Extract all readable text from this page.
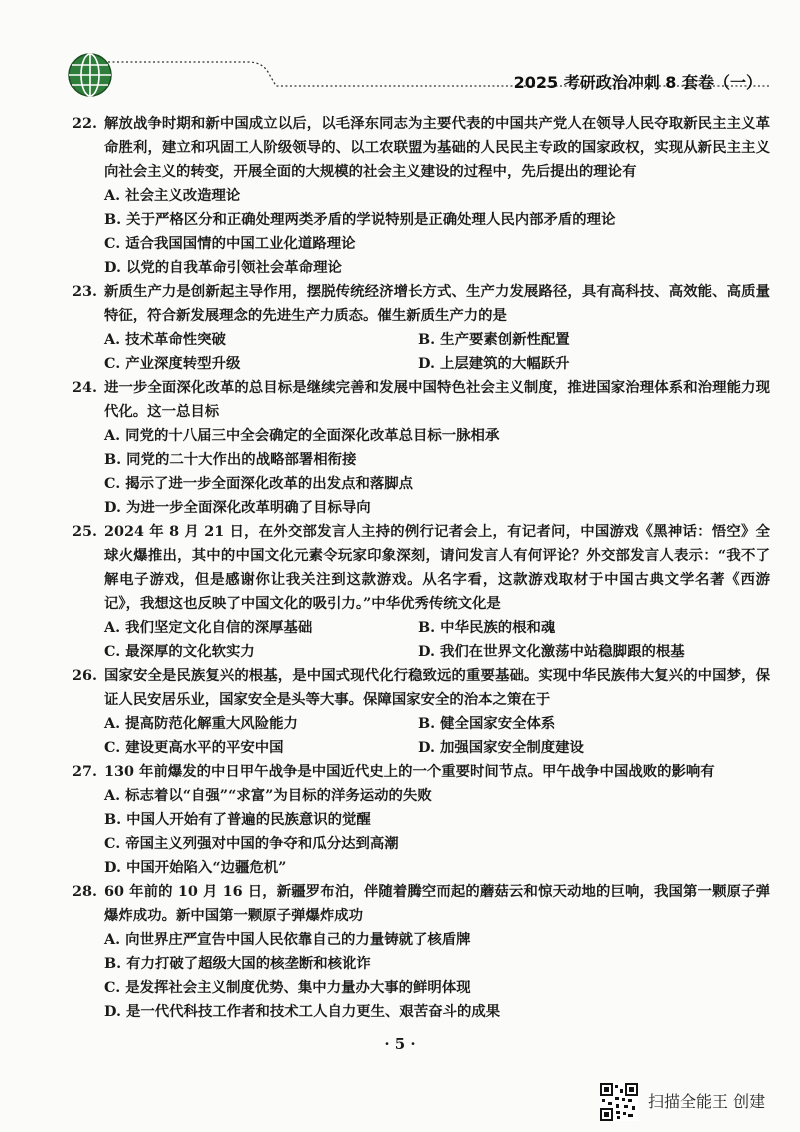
2025 考研政治冲刺 8 套卷（一）
22. 解放战争时期和新中国成立以后，以毛泽东同志为主要代表的中国共产党人在领导人民夺取新民主主义革命胜利，建立和巩固工人阶级领导的、以工农联盟为基础的人民民主专政的国家政权，实现从新民主主义向社会主义的转变，开展全面的大规模的社会主义建设的过程中，先后提出的理论有
A. 社会主义改造理论
B. 关于严格区分和正确处理两类矛盾的学说特别是正确处理人民内部矛盾的理论
C. 适合我国国情的中国工业化道路理论
D. 以党的自我革命引领社会革命理论
23. 新质生产力是创新起主导作用，摆脱传统经济增长方式、生产力发展路径，具有高科技、高效能、高质量特征，符合新发展理念的先进生产力质态。催生新质生产力的是
A. 技术革命性突破	B. 生产要素创新性配置
C. 产业深度转型升级	D. 上层建筑的大幅跃升
24. 进一步全面深化改革的总目标是继续完善和发展中国特色社会主义制度，推进国家治理体系和治理能力现代化。这一总目标
A. 同党的十八届三中全会确定的全面深化改革总目标一脉相承
B. 同党的二十大作出的战略部署相衔接
C. 揭示了进一步全面深化改革的出发点和落脚点
D. 为进一步全面深化改革明确了目标导向
25. 2024 年 8 月 21 日，在外交部发言人主持的例行记者会上，有记者问，中国游戏《黑神话：悟空》全球火爆推出，其中的中国文化元素令玩家印象深刻，请问发言人有何评论？外交部发言人表示：“我不了解电子游戏，但是感谢你让我关注到这款游戏。从名字看，这款游戏取材于中国古典文学名著《西游记》，我想这也反映了中国文化的吸引力。”中华优秀传统文化是
A. 我们坚定文化自信的深厚基础	B. 中华民族的根和魂
C. 最深厚的文化软实力	D. 我们在世界文化激荡中站稳脚跟的根基
26. 国家安全是民族复兴的根基，是中国式现代化行稳致远的重要基础。实现中华民族伟大复兴的中国梦，保证人民安居乐业，国家安全是头等大事。保障国家安全的治本之策在于
A. 提高防范化解重大风险能力	B. 健全国家安全体系
C. 建设更高水平的平安中国	D. 加强国家安全制度建设
27. 130 年前爆发的中日甲午战争是中国近代史上的一个重要时间节点。甲午战争中国战败的影响有
A. 标志着以“自强”“求富”为目标的洋务运动的失败
B. 中国人开始有了普遍的民族意识的觉醒
C. 帝国主义列强对中国的争夺和瓜分达到高潮
D. 中国开始陷入“边疆危机”
28. 60 年前的 10 月 16 日，新疆罗布泊，伴随着腾空而起的蘑菇云和惊天动地的巨响，我国第一颗原子弹爆炸成功。新中国第一颗原子弹爆炸成功
A. 向世界庄严宣告中国人民依靠自己的力量铸就了核盾牌
B. 有力打破了超级大国的核垄断和核讹诈
C. 是发挥社会主义制度优势、集中力量办大事的鲜明体现
D. 是一代代科技工作者和技术工人自力更生、艰苦奋斗的成果
· 5 ·
扫描全能王 创建
